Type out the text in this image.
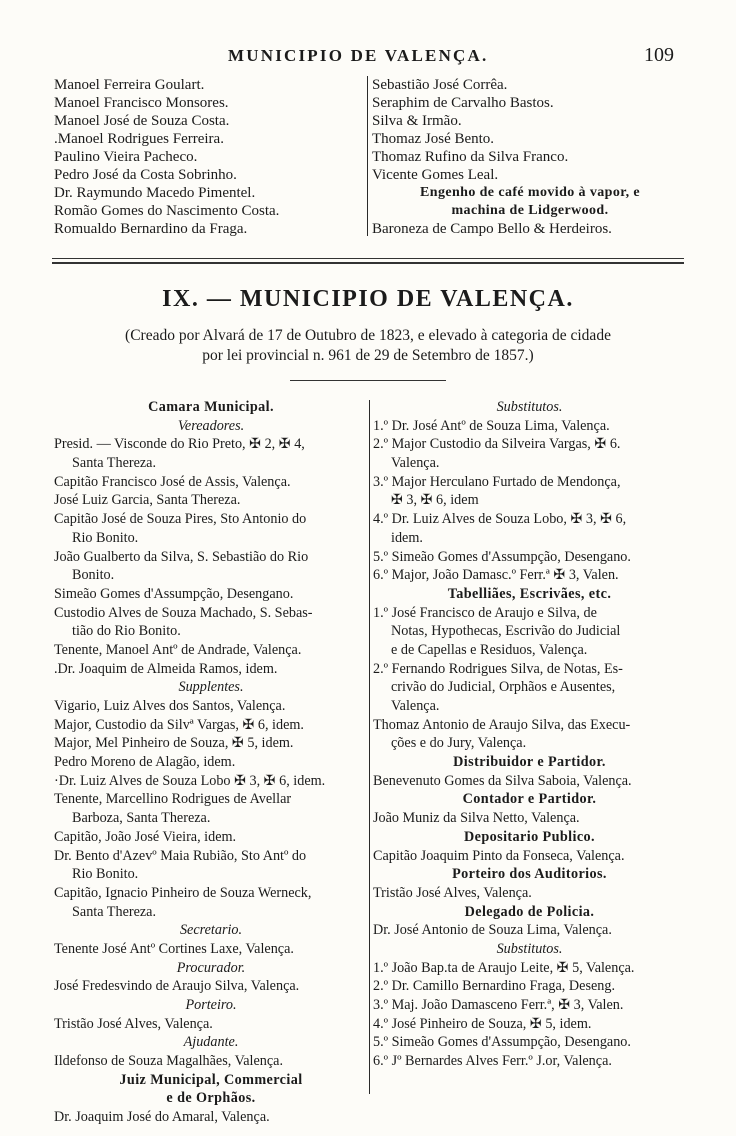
MUNICIPIO DE VALENÇA.	109
Manoel Ferreira Goulart.
Manoel Francisco Monsores.
Manoel José de Souza Costa.
.Manoel Rodrigues Ferreira.
Paulino Vieira Pacheco.
Pedro José da Costa Sobrinho.
Dr. Raymundo Macedo Pimentel.
Romão Gomes do Nascimento Costa.
Romualdo Bernardino da Fraga.
Sebastião José Corrêa.
Seraphim de Carvalho Bastos.
Silva & Irmão.
Thomaz José Bento.
Thomaz Rufino da Silva Franco.
Vicente Gomes Leal.
Engenho de café movido à vapor, e
machina de Lidgerwood.
Baroneza de Campo Bello & Herdeiros.
IX. — MUNICIPIO DE VALENÇA.
(Creado por Alvará de 17 de Outubro de 1823, e elevado à categoria de cidade
por lei provincial n. 961 de 29 de Setembro de 1857.)
Camara Municipal.
Vereadores.
Presid. — Visconde do Rio Preto, ✠ 2, ✠ 4,
Santa Thereza.
Capitão Francisco José de Assis, Valença.
José Luiz Garcia, Santa Thereza.
Capitão José de Souza Pires, Sto Antonio do
Rio Bonito.
João Gualberto da Silva, S. Sebastião do Rio
Bonito.
Simeão Gomes d'Assumpção, Desengano.
Custodio Alves de Souza Machado, S. Sebas-
tião do Rio Bonito.
Tenente, Manoel Antº de Andrade, Valença.
.Dr. Joaquim de Almeida Ramos, idem.
Supplentes.
Vigario, Luiz Alves dos Santos, Valença.
Major, Custodio da Silvª Vargas, ✠ 6, idem.
Major, Mel Pinheiro de Souza, ✠ 5, idem.
Pedro Moreno de Alagão, idem.
·Dr. Luiz Alves de Souza Lobo ✠ 3, ✠ 6, idem.
Tenente, Marcellino Rodrigues de Avellar
Barboza, Santa Thereza.
Capitão, João José Vieira, idem.
Dr. Bento d'Azevº Maia Rubião, Sto Antº do
Rio Bonito.
Capitão, Ignacio Pinheiro de Souza Werneck,
Santa Thereza.
Secretario.
Tenente José Antº Cortines Laxe, Valença.
Procurador.
José Fredesvindo de Araujo Silva, Valença.
Porteiro.
Tristão José Alves, Valença.
Ajudante.
Ildefonso de Souza Magalhães, Valença.
Juiz Municipal, Commercial
e de Orphãos.
Dr. Joaquim José do Amaral, Valença.
Substitutos.
1.º Dr. José Antº de Souza Lima, Valença.
2.º Major Custodio da Silveira Vargas, ✠ 6.
Valença.
3.º Major Herculano Furtado de Mendonça,
✠ 3, ✠ 6, idem
4.º Dr. Luiz Alves de Souza Lobo, ✠ 3, ✠ 6,
idem.
5.º Simeão Gomes d'Assumpção, Desengano.
6.º Major, João Damasc.º Ferr.ª ✠ 3, Valen.
Tabelliães, Escrivães, etc.
1.º José Francisco de Araujo e Silva, de
Notas, Hypothecas, Escrivão do Judicial
e de Capellas e Residuos, Valença.
2.º Fernando Rodrigues Silva, de Notas, Es-
crivão do Judicial, Orphãos e Ausentes,
Valença.
Thomaz Antonio de Araujo Silva, das Execu-
ções e do Jury, Valença.
Distribuidor e Partidor.
Benevenuto Gomes da Silva Saboia, Valença.
Contador e Partidor.
João Muniz da Silva Netto, Valença.
Depositario Publico.
Capitão Joaquim Pinto da Fonseca, Valença.
Porteiro dos Auditorios.
Tristão José Alves, Valença.
Delegado de Policia.
Dr. José Antonio de Souza Lima, Valença.
Substitutos.
1.º João Bap.ta de Araujo Leite, ✠ 5, Valença.
2.º Dr. Camillo Bernardino Fraga, Deseng.
3.º Maj. João Damasceno Ferr.ª, ✠ 3, Valen.
4.º José Pinheiro de Souza, ✠ 5, idem.
5.º Simeão Gomes d'Assumpção, Desengano.
6.º Jº Bernardes Alves Ferr.º J.or, Valença.
